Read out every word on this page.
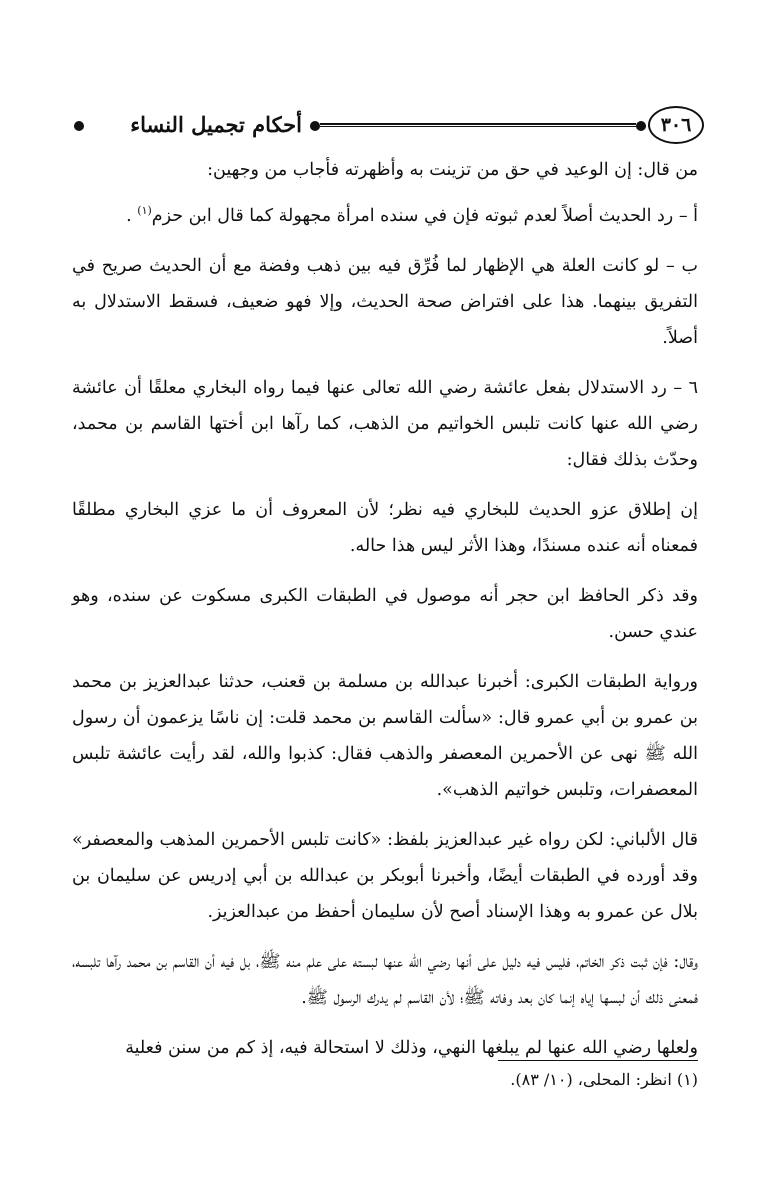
أحكام تجميل النساء	٣٠٦

من قال: إن الوعيد في حق من تزينت به وأظهرته فأجاب من وجهين:

أ – رد الحديث أصلاً لعدم ثبوته فإن في سنده امرأة مجهولة كما قال ابن حزم$^{(١)}$ .

ب – لو كانت العلة هي الإظهار لما فُرِّق فيه بين ذهب وفضة مع أن الحديث صريح في التفريق بينهما. هذا على افتراض صحة الحديث، وإلا فهو ضعيف، فسقط الاستدلال به أصلاً.

٦ – رد الاستدلال بفعل عائشة رضي الله تعالى عنها فيما رواه البخاري معلقًا أن عائشة رضي الله عنها كانت تلبس الخواتيم من الذهب، كما رآها ابن أختها القاسم بن محمد، وحدّث بذلك فقال:

إن إطلاق عزو الحديث للبخاري فيه نظر؛ لأن المعروف أن ما عزي البخاري مطلقًا فمعناه أنه عنده مسندًا، وهذا الأثر ليس هذا حاله.

وقد ذكر الحافظ ابن حجر أنه موصول في الطبقات الكبرى مسكوت عن سنده، وهو عندي حسن.

ورواية الطبقات الكبرى: أخبرنا عبدالله بن مسلمة بن قعنب، حدثنا عبدالعزيز بن محمد بن عمرو بن أبي عمرو قال: «سألت القاسم بن محمد قلت: إن ناسًا يزعمون أن رسول الله ﷺ نهى عن الأحمرين المعصفر والذهب فقال: كذبوا والله، لقد رأيت عائشة تلبس المعصفرات، وتلبس خواتيم الذهب».

قال الألباني: لكن رواه غير عبدالعزيز بلفظ: «كانت تلبس الأحمرين المذهب والمعصفر» وقد أورده في الطبقات أيضًا، وأخبرنا أبوبكر بن عبدالله بن أبي إدريس عن سليمان بن بلال عن عمرو به وهذا الإسناد أصح لأن سليمان أحفظ من عبدالعزيز.

وقال: فإن ثبت ذكر الخاتم، فليس فيه دليل على أنها رضي الله عنها لبسته على علم منه ﷺ، بل فيه أن القاسم بن محمد رآها تلبسه، فمعنى ذلك أن لبسها إياه إنما كان بعد وفاته ﷺ؛ لأن القاسم لم يدرك الرسول ﷺ.

ولعلها رضي الله عنها لم يبلغها النهي، وذلك لا استحالة فيه، إذ كم من سنن فعلية

(١) انظر: المحلى، (١٠/ ٨٣).
